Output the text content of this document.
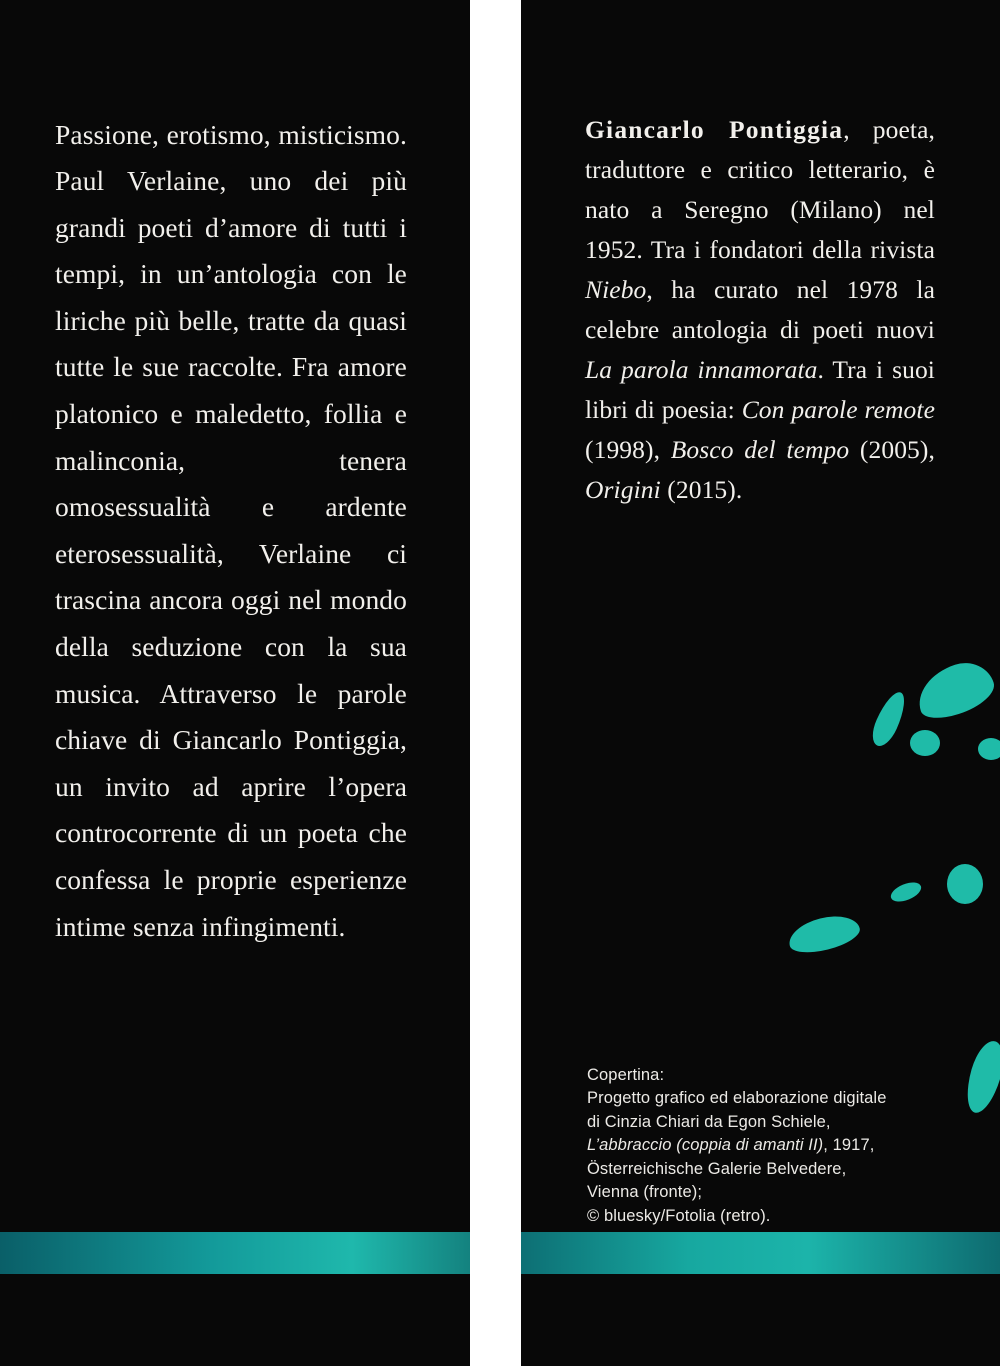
Passione, erotismo, misticismo. Paul Verlaine, uno dei più grandi poeti d’amore di tutti i tempi, in un’antologia con le liriche più belle, tratte da quasi tutte le sue raccolte. Fra amore platonico e maledetto, follia e malinconia, tenera omosessualità e ardente eterosessualità, Verlaine ci trascina ancora oggi nel mondo della seduzione con la sua musica. Attraverso le parole chiave di Giancarlo Pontiggia, un invito ad aprire l’opera controcorrente di un poeta che confessa le proprie esperienze intime senza infingimenti.

Giancarlo Pontiggia, poeta, traduttore e critico letterario, è nato a Seregno (Milano) nel 1952. Tra i fondatori della rivista Niebo, ha curato nel 1978 la celebre antologia di poeti nuovi La parola innamorata. Tra i suoi libri di poesia: Con parole remote (1998), Bosco del tempo (2005), Origini (2015).

Copertina:
Progetto grafico ed elaborazione digitale
di Cinzia Chiari da Egon Schiele,
L’abbraccio (coppia di amanti II), 1917,
Österreichische Galerie Belvedere,
Vienna (fronte);
© bluesky/Fotolia (retro).
